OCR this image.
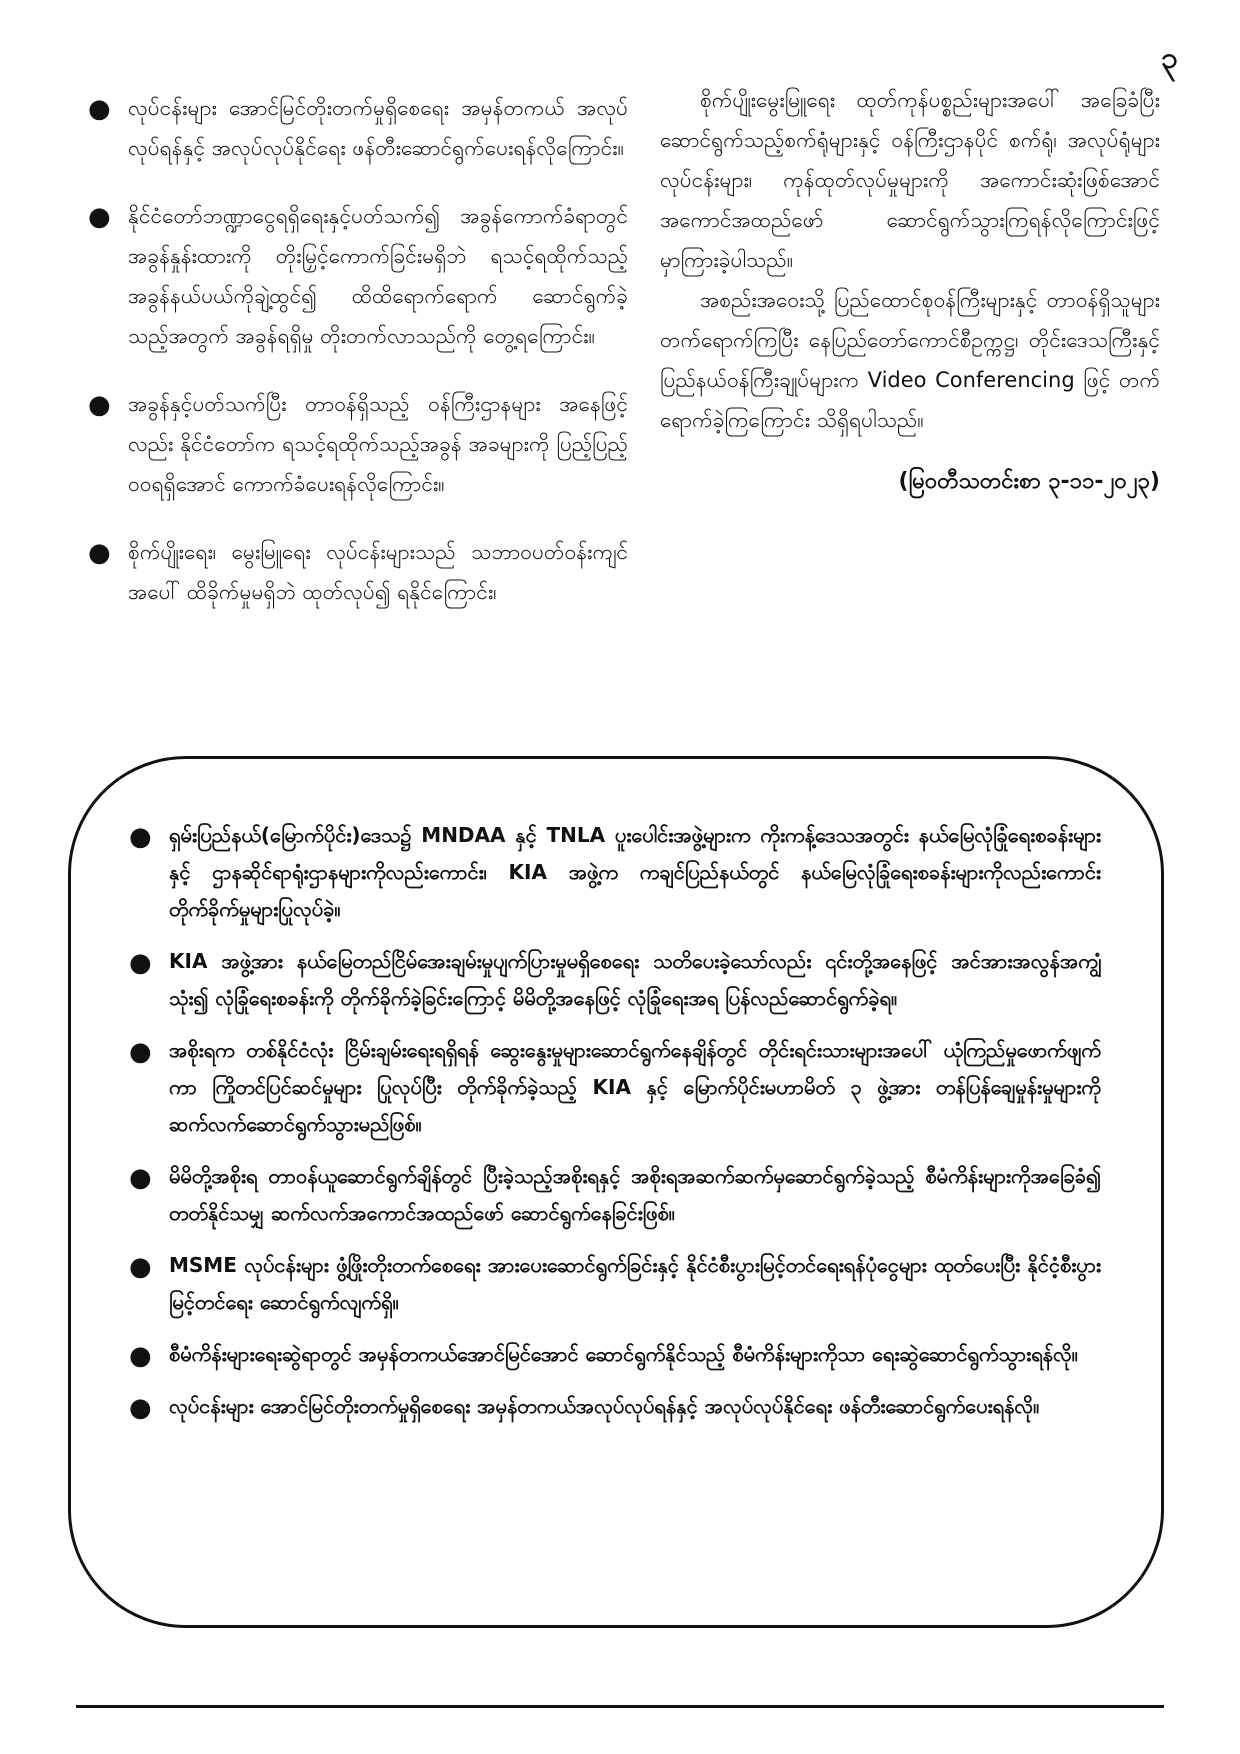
၃
● လုပ်ငန်းများ အောင်မြင်တိုးတက်မှုရှိစေရေး အမှန်တကယ် အလုပ်လုပ်ရန်နှင့် အလုပ်လုပ်နိုင်ရေး ဖန်တီးဆောင်ရွက်ပေးရန်လိုကြောင်း။
● နိုင်ငံတော်ဘဏ္ဍာငွေရရှိရေးနှင့်ပတ်သက်၍ အခွန်ကောက်ခံရာတွင် အခွန်နှုန်းထားကို တိုးမြှင့်ကောက်ခြင်းမရှိဘဲ ရသင့်ရထိုက်သည့် အခွန်နယ်ပယ်ကိုချဲ့ထွင်၍ ထိထိရောက်ရောက် ဆောင်ရွက်ခဲ့သည့်အတွက် အခွန်ရရှိမှု တိုးတက်လာသည်ကို တွေ့ရကြောင်း။
● အခွန်နှင့်ပတ်သက်ပြီး တာဝန်ရှိသည့် ဝန်ကြီးဌာနများ အနေဖြင့်လည်း နိုင်ငံတော်က ရသင့်ရထိုက်သည့်အခွန် အခများကို ပြည့်ပြည့်ဝဝရရှိအောင် ကောက်ခံပေးရန်လိုကြောင်း။
● စိုက်ပျိုးရေး၊ မွေးမြူရေး လုပ်ငန်းများသည် သဘာဝပတ်ဝန်းကျင်အပေါ် ထိခိုက်မှုမရှိဘဲ ထုတ်လုပ်၍ ရနိုင်ကြောင်း၊

စိုက်ပျိုးမွေးမြူရေး ထုတ်ကုန်ပစ္စည်းများအပေါ် အခြေခံပြီး ဆောင်ရွက်သည့်စက်ရုံများနှင့် ဝန်ကြီးဌာနပိုင် စက်ရုံ၊ အလုပ်ရုံများ လုပ်ငန်းများ၊ ကုန်ထုတ်လုပ်မှုများကို အကောင်းဆုံးဖြစ်အောင် အကောင်အထည်ဖော် ဆောင်ရွက်သွားကြရန်လိုကြောင်းဖြင့် မှာကြားခဲ့ပါသည်။

အစည်းအဝေးသို့ ပြည်ထောင်စုဝန်ကြီးများနှင့် တာဝန်ရှိသူများ တက်ရောက်ကြပြီး နေပြည်တော်ကောင်စီဥက္ကဋ္ဌ၊ တိုင်းဒေသကြီးနှင့် ပြည်နယ်ဝန်ကြီးချုပ်များက Video Conferencing ဖြင့် တက်ရောက်ခဲ့ကြကြောင်း သိရှိရပါသည်။

(မြဝတီသတင်းစာ ၃-၁၁-၂၀၂၃)

● ရှမ်းပြည်နယ်(မြောက်ပိုင်း)ဒေသ၌ MNDAA နှင့် TNLA ပူးပေါင်းအဖွဲ့များက ကိုးကန့်ဒေသအတွင်း နယ်မြေလုံခြုံရေးစခန်းများနှင့် ဌာနဆိုင်ရာရုံးဌာနများကိုလည်းကောင်း၊ KIA အဖွဲ့က ကချင်ပြည်နယ်တွင် နယ်မြေလုံခြုံရေးစခန်းများကိုလည်းကောင်း တိုက်ခိုက်မှုများပြုလုပ်ခဲ့။
● KIA အဖွဲ့အား နယ်မြေတည်ငြိမ်အေးချမ်းမှုပျက်ပြားမှုမရှိစေရေး သတိပေးခဲ့သော်လည်း ၎င်းတို့အနေဖြင့် အင်အားအလွန်အကျွံသုံး၍ လုံခြုံရေးစခန်းကို တိုက်ခိုက်ခဲ့ခြင်းကြောင့် မိမိတို့အနေဖြင့် လုံခြုံရေးအရ ပြန်လည်ဆောင်ရွက်ခဲ့ရ။
● အစိုးရက တစ်နိုင်ငံလုံး ငြိမ်းချမ်းရေးရရှိရန် ဆွေးနွေးမှုများဆောင်ရွက်နေချိန်တွင် တိုင်းရင်းသားများအပေါ် ယုံကြည်မှုဖောက်ဖျက်ကာ ကြိုတင်ပြင်ဆင်မှုများ ပြုလုပ်ပြီး တိုက်ခိုက်ခဲ့သည့် KIA နှင့် မြောက်ပိုင်းမဟာမိတ် ၃ ဖွဲ့အား တန်ပြန်ချေမှုန်းမှုများကို ဆက်လက်ဆောင်ရွက်သွားမည်ဖြစ်။
● မိမိတို့အစိုးရ တာဝန်ယူဆောင်ရွက်ချိန်တွင် ပြီးခဲ့သည့်အစိုးရနှင့် အစိုးရအဆက်ဆက်မှဆောင်ရွက်ခဲ့သည့် စီမံကိန်းများကိုအခြေခံ၍ တတ်နိုင်သမျှ ဆက်လက်အကောင်အထည်ဖော် ဆောင်ရွက်နေခြင်းဖြစ်။
● MSME လုပ်ငန်းများ ဖွံ့ဖြိုးတိုးတက်စေရေး အားပေးဆောင်ရွက်ခြင်းနှင့် နိုင်ငံစီးပွားမြင့်တင်ရေးရန်ပုံငွေများ ထုတ်ပေးပြီး နိုင်ငံ့စီးပွားမြင့်တင်ရေး ဆောင်ရွက်လျက်ရှိ။
● စီမံကိန်းများရေးဆွဲရာတွင် အမှန်တကယ်အောင်မြင်အောင် ဆောင်ရွက်နိုင်သည့် စီမံကိန်းများကိုသာ ရေးဆွဲဆောင်ရွက်သွားရန်လို။
● လုပ်ငန်းများ အောင်မြင်တိုးတက်မှုရှိစေရေး အမှန်တကယ်အလုပ်လုပ်ရန်နှင့် အလုပ်လုပ်နိုင်ရေး ဖန်တီးဆောင်ရွက်ပေးရန်လို။
